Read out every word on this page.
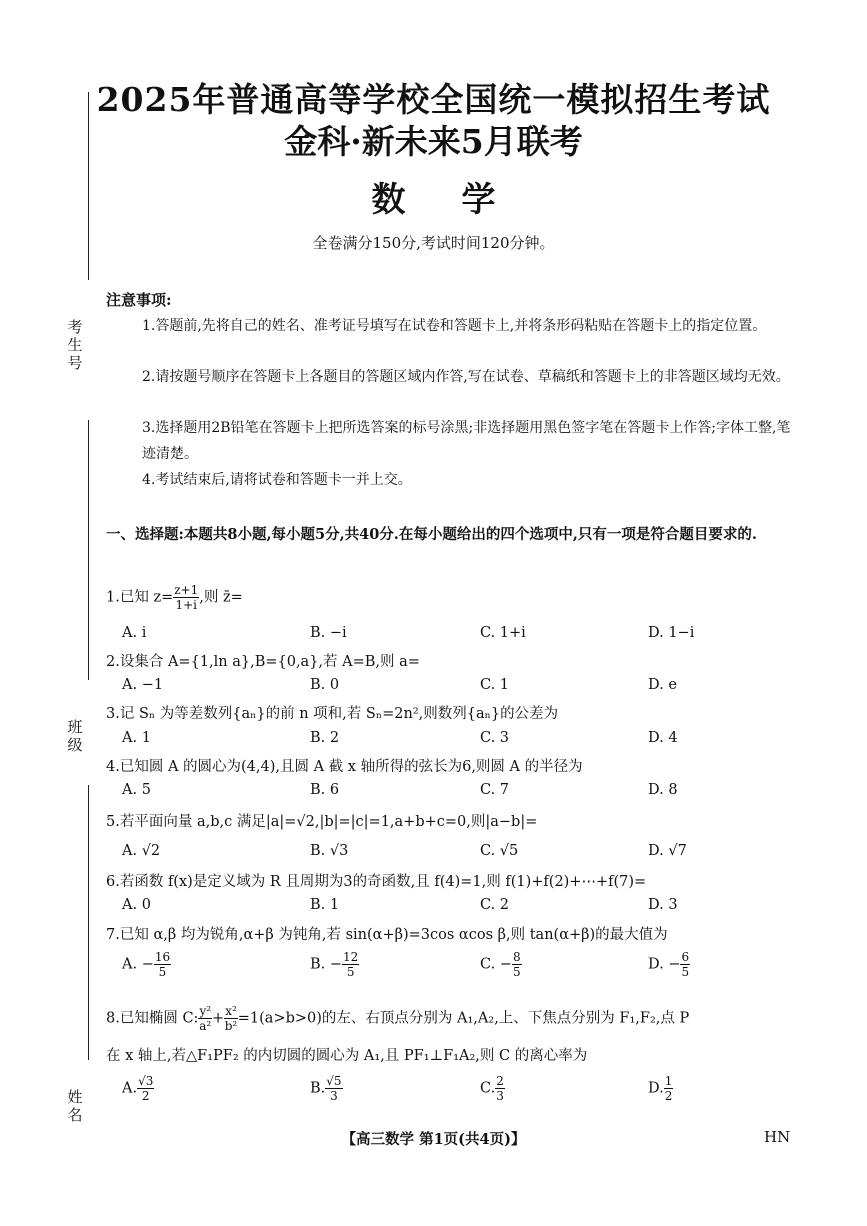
考生号
班级
姓名
2025年普通高等学校全国统一模拟招生考试
金科·新未来5月联考
数学
全卷满分150分,考试时间120分钟。
注意事项:
1.答题前,先将自己的姓名、准考证号填写在试卷和答题卡上,并将条形码粘贴在答题卡上的指定位置。
2.请按题号顺序在答题卡上各题目的答题区域内作答,写在试卷、草稿纸和答题卡上的非答题区域均无效。
3.选择题用2B铅笔在答题卡上把所选答案的标号涂黑;非选择题用黑色签字笔在答题卡上作答;字体工整,笔迹清楚。
4.考试结束后,请将试卷和答题卡一并上交。
一、选择题:本题共8小题,每小题5分,共40分.在每小题给出的四个选项中,只有一项是符合题目要求的.
1.已知 $z= \frac{z+1}{1+i}$ ,则 z̄=
A. i	B. −i	C. 1+i	D. 1−i
2.设集合 A={1,ln a},B={0,a},若 A=B,则 a=
A. −1	B. 0	C. 1	D. e
3.记 Sₙ 为等差数列{aₙ}的前 n 项和,若 Sₙ=2n²,则数列{aₙ}的公差为
A. 1	B. 2	C. 3	D. 4
4.已知圆 A 的圆心为(4,4),且圆 A 截 x 轴所得的弦长为6,则圆 A 的半径为
A. 5	B. 6	C. 7	D. 8
5.若平面向量 a,b,c 满足|a|=√2,|b|=|c|=1,a+b+c=0,则|a−b|=
A. √2	B. √3	C. √5	D. √7
6.若函数 f(x)是定义域为 R 且周期为3的奇函数,且 f(4)=1,则 f(1)+f(2)+⋯+f(7)=
A. 0	B. 1	C. 2	D. 3
7.已知 α,β 均为锐角,α+β 为钝角,若 sin(α+β)=3cos αcos β,则 tan(α+β)的最大值为
A. − $\frac{16}{5}$	B. − $\frac{12}{5}$	C. − $\frac{8}{5}$	D. − $\frac{6}{5}$
8.已知椭圆 C: $\frac{\text{y²}}{\text{a²}} + \frac{\text{x²}}{\text{b²}} =1(a>b>0)$的左、右顶点分别为 A₁,A₂,上、下焦点分别为 F₁,F₂,点 P
在 x 轴上,若△F₁PF₂ 的内切圆的圆心为 A₁,且 PF₁⊥F₁A₂,则 C 的离心率为
A. $\frac{√3}{2}$	B. $\frac{√5}{3}$	C. $\frac{2}{3}$	D. $\frac{1}{2}$
【高三数学 第1页(共4页)】	HN
